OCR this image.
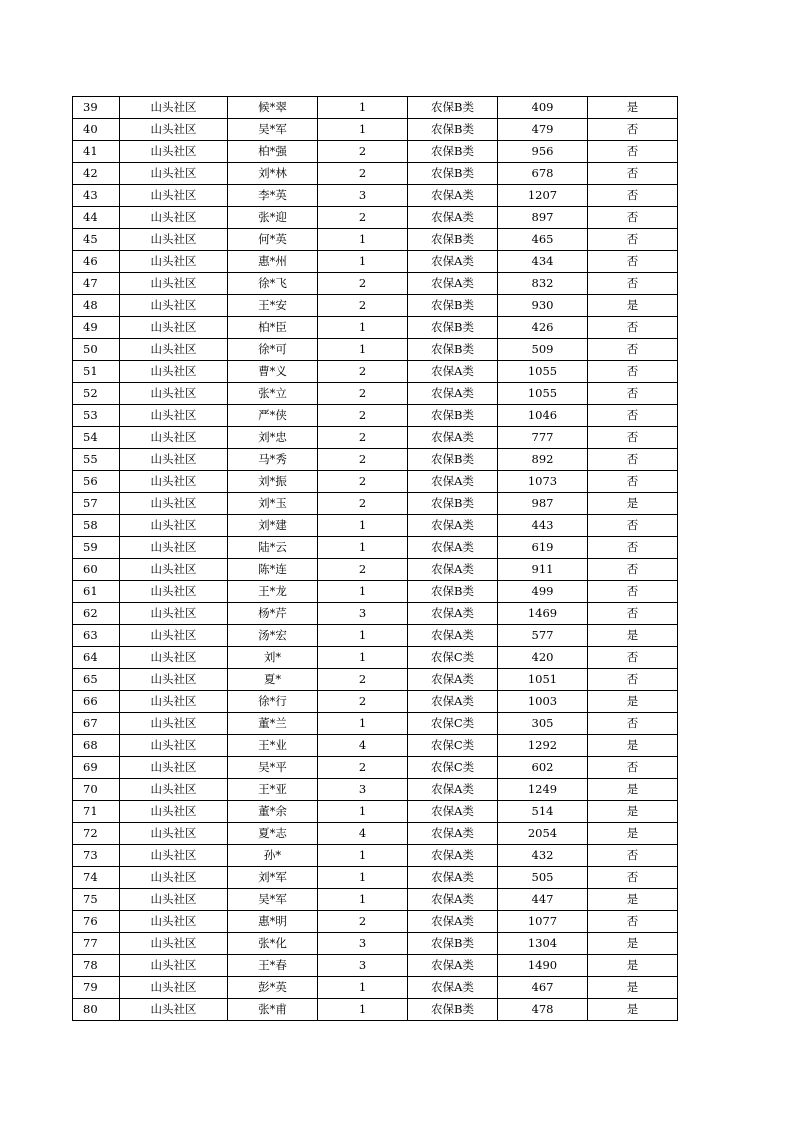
39	山头社区	候*翠	1	农保B类	409	是
40	山头社区	吴*军	1	农保B类	479	否
41	山头社区	柏*强	2	农保B类	956	否
42	山头社区	刘*林	2	农保B类	678	否
43	山头社区	李*英	3	农保A类	1207	否
44	山头社区	张*迎	2	农保A类	897	否
45	山头社区	何*英	1	农保B类	465	否
46	山头社区	惠*州	1	农保A类	434	否
47	山头社区	徐*飞	2	农保A类	832	否
48	山头社区	王*安	2	农保B类	930	是
49	山头社区	柏*臣	1	农保B类	426	否
50	山头社区	徐*可	1	农保B类	509	否
51	山头社区	曹*义	2	农保A类	1055	否
52	山头社区	张*立	2	农保A类	1055	否
53	山头社区	严*侠	2	农保B类	1046	否
54	山头社区	刘*忠	2	农保A类	777	否
55	山头社区	马*秀	2	农保B类	892	否
56	山头社区	刘*振	2	农保A类	1073	否
57	山头社区	刘*玉	2	农保B类	987	是
58	山头社区	刘*建	1	农保A类	443	否
59	山头社区	陆*云	1	农保A类	619	否
60	山头社区	陈*连	2	农保A类	911	否
61	山头社区	王*龙	1	农保B类	499	否
62	山头社区	杨*芹	3	农保A类	1469	否
63	山头社区	汤*宏	1	农保A类	577	是
64	山头社区	刘*	1	农保C类	420	否
65	山头社区	夏*	2	农保A类	1051	否
66	山头社区	徐*行	2	农保A类	1003	是
67	山头社区	董*兰	1	农保C类	305	否
68	山头社区	王*业	4	农保C类	1292	是
69	山头社区	吴*平	2	农保C类	602	否
70	山头社区	王*亚	3	农保A类	1249	是
71	山头社区	董*余	1	农保A类	514	是
72	山头社区	夏*志	4	农保A类	2054	是
73	山头社区	孙*	1	农保A类	432	否
74	山头社区	刘*军	1	农保A类	505	否
75	山头社区	吴*军	1	农保A类	447	是
76	山头社区	惠*明	2	农保A类	1077	否
77	山头社区	张*化	3	农保B类	1304	是
78	山头社区	王*春	3	农保A类	1490	是
79	山头社区	彭*英	1	农保A类	467	是
80	山头社区	张*甫	1	农保B类	478	是
